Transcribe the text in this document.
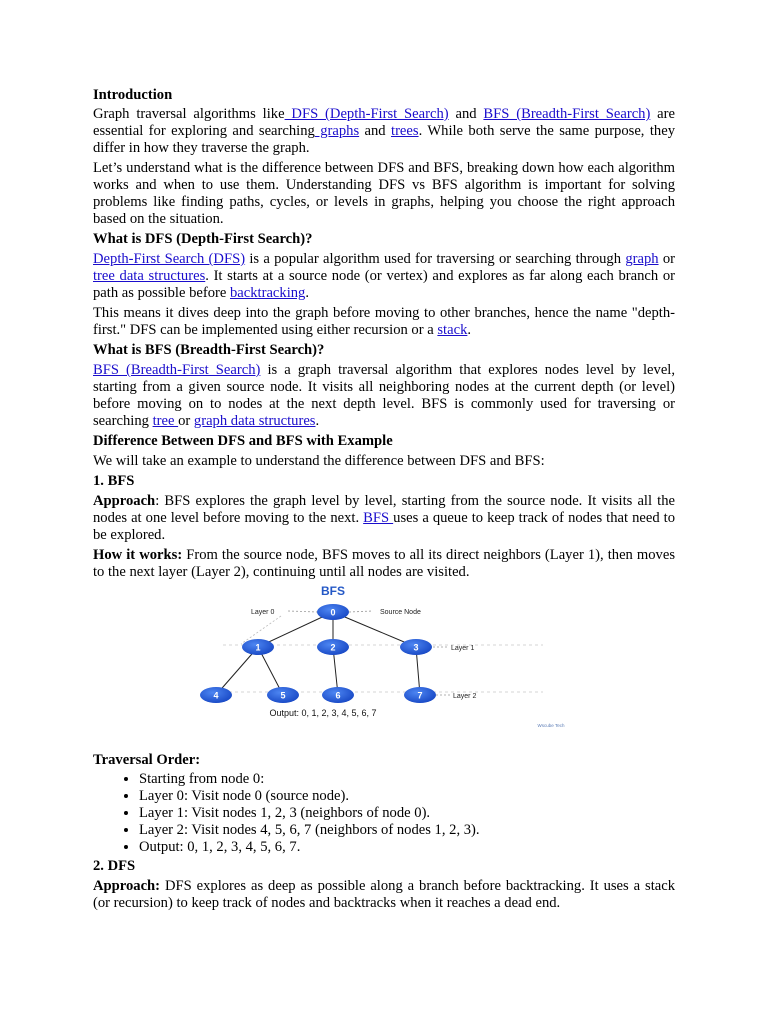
Introduction

Graph traversal algorithms like DFS (Depth-First Search) and BFS (Breadth-First Search) are essential for exploring and searching graphs and trees. While both serve the same purpose, they differ in how they traverse the graph.

Let’s understand what is the difference between DFS and BFS, breaking down how each algorithm works and when to use them. Understanding DFS vs BFS algorithm is important for solving problems like finding paths, cycles, or levels in graphs, helping you choose the right approach based on the situation.

What is DFS (Depth-First Search)?

Depth-First Search (DFS) is a popular algorithm used for traversing or searching through graph or tree data structures. It starts at a source node (or vertex) and explores as far along each branch or path as possible before backtracking.

This means it dives deep into the graph before moving to other branches, hence the name "depth-first." DFS can be implemented using either recursion or a stack.

What is BFS (Breadth-First Search)?

BFS (Breadth-First Search) is a graph traversal algorithm that explores nodes level by level, starting from a given source node. It visits all neighboring nodes at the current depth (or level) before moving on to nodes at the next depth level. BFS is commonly used for traversing or searching tree or graph data structures.

Difference Between DFS and BFS with Example

We will take an example to understand the difference between DFS and BFS:

1. BFS

Approach: BFS explores the graph level by level, starting from the source node. It visits all the nodes at one level before moving to the next. BFS uses a queue to keep track of nodes that need to be explored.

How it works: From the source node, BFS moves to all its direct neighbors (Layer 1), then moves to the next layer (Layer 2), continuing until all nodes are visited.

BFS
Layer 0	Source Node
Layer 1
Layer 2
0
1	2	3
4	5	6	7
Output: 0, 1, 2, 3, 4, 5, 6, 7
Wscube Tech

Traversal Order:

• Starting from node 0:
• Layer 0: Visit node 0 (source node).
• Layer 1: Visit nodes 1, 2, 3 (neighbors of node 0).
• Layer 2: Visit nodes 4, 5, 6, 7 (neighbors of nodes 1, 2, 3).
• Output: 0, 1, 2, 3, 4, 5, 6, 7.

2. DFS

Approach: DFS explores as deep as possible along a branch before backtracking. It uses a stack (or recursion) to keep track of nodes and backtracks when it reaches a dead end.
